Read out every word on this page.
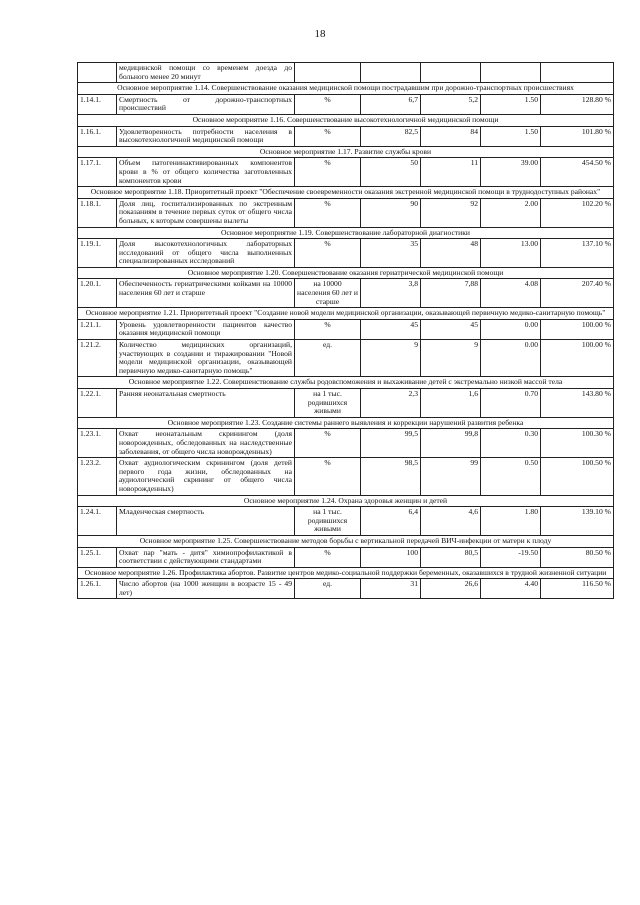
18
	медицинской помощи со временем доезда до больного менее 20 минут					
Основное мероприятие 1.14. Совершенствование оказания медицинской помощи пострадавшим при дорожно-транспортных происшествиях						
1.14.1.	Смертность от дорожно-транспортных происшествий	%	6,7	5,2	1.50	128.80 %
Основное мероприятие 1.16. Совершенствование высокотехнологичной медицинской помощи						
1.16.1.	Удовлетворенность потребности населения в высокотехнологичной медицинской помощи	%	82,5	84	1.50	101.80 %
Основное мероприятие 1.17. Развитие службы крови						
1.17.1.	Объем патогенинактивированных компонентов крови в % от общего количества заготовленных компонентов крови	%	50	11	39.00	454.50 %
Основное мероприятие 1.18. Приоритетный проект "Обеспечение своевременности оказания экстренной медицинской помощи в труднодоступных районах"						
1.18.1.	Доля лиц, госпитализированных по экстренным показаниям в течение первых суток от общего числа больных, к которым совершены вылеты	%	90	92	2.00	102.20 %
Основное мероприятие 1.19. Совершенствование лабораторной диагностики						
1.19.1.	Доля высокотехнологичных лабораторных исследований от общего числа выполненных специализированных исследований	%	35	48	13.00	137.10 %
Основное мероприятие 1.20. Совершенствование оказания гериатрической медицинской помощи						
1.20.1.	Обеспеченность гериатрическими койками на 10000 населения 60 лет и старше	на 10000 населения 60 лет и старше	3,8	7,88	4.08	207.40 %
Основное мероприятие 1.21. Приоритетный проект "Создание новой модели медицинской организации, оказывающей первичную медико-санитарную помощь"						
1.21.1.	Уровень удовлетворенности пациентов качество оказания медицинской помощи	%	45	45	0.00	100.00 %
1.21.2.	Количество медицинских организаций, участвующих в создании и тиражировании "Новой модели медицинской организации, оказывающей первичную медико-санитарную помощь"	ед.	9	9	0.00	100.00 %
Основное мероприятие 1.22. Совершенствование службы родовспоможения и выхаживание детей с экстремально низкой массой тела						
1.22.1.	Ранняя неонатальная смертность	на 1 тыс. родившихся живыми	2,3	1,6	0.70	143.80 %
Основное мероприятие 1.23. Создание системы раннего выявления и коррекции нарушений развития ребенка						
1.23.1.	Охват неонатальным скринингом (доля новорожденных, обследованных на наследственные заболевания, от общего числа новорожденных)	%	99,5	99,8	0.30	100.30 %
1.23.2.	Охват аудиологическим скринингом (доля детей первого года жизни, обследованных на аудиологический скрининг от общего числа новорожденных)	%	98,5	99	0.50	100.50 %
Основное мероприятие 1.24. Охрана здоровья женщин и детей						
1.24.1.	Младенческая смертность	на 1 тыс. родившихся живыми	6,4	4,6	1.80	139.10 %
Основное мероприятие 1.25. Совершенствование методов борьбы с вертикальной передачей ВИЧ-инфекции от матери к плоду						
1.25.1.	Охват пар "мать - дитя" химиопрофилактикой в соответствии с действующими стандартами	%	100	80,5	-19.50	80.50 %
Основное мероприятие 1.26. Профилактика абортов. Развитие центров медико-социальной поддержки беременных, оказавшихся в трудной жизненной ситуации						
1.26.1.	Число абортов (на 1000 женщин в возрасте 15 - 49 лет)	ед.	31	26,6	4.40	116.50 %
